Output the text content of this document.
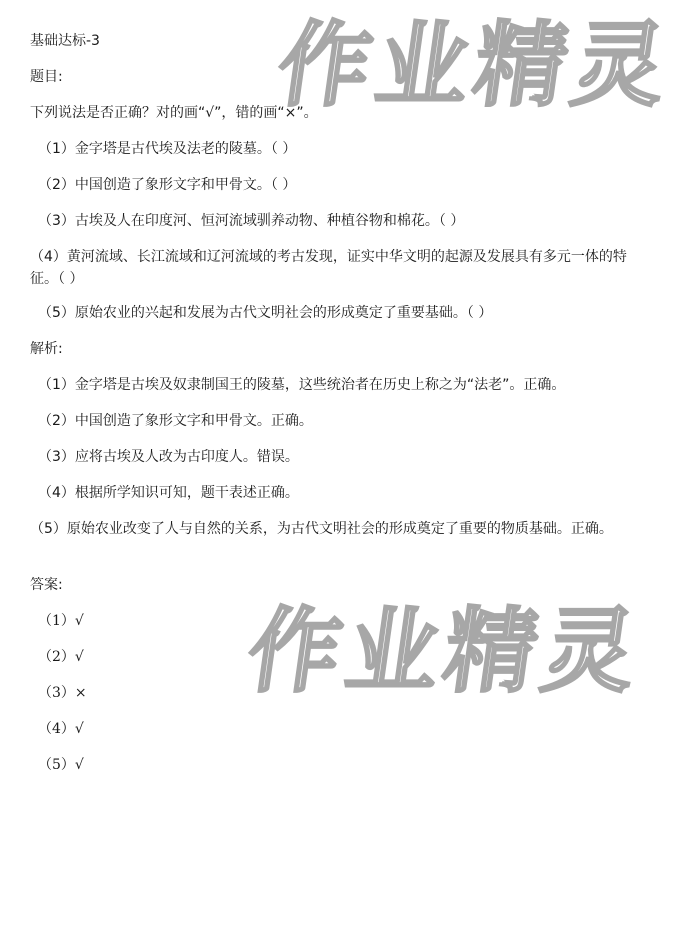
作业精灵
作业精灵
基础达标-3
题目:
下列说法是否正确？对的画“√”，错的画“×”。
（1）金字塔是古代埃及法老的陵墓。（ ）
（2）中国创造了象形文字和甲骨文。（ ）
（3）古埃及人在印度河、恒河流域驯养动物、种植谷物和棉花。（ ）
（4）黄河流域、长江流域和辽河流域的考古发现，证实中华文明的起源及发展具有多元一体的特征。（ ）
（5）原始农业的兴起和发展为古代文明社会的形成奠定了重要基础。（ ）
解析:
（1）金字塔是古埃及奴隶制国王的陵墓，这些统治者在历史上称之为“法老”。正确。
（2）中国创造了象形文字和甲骨文。正确。
（3）应将古埃及人改为古印度人。错误。
（4）根据所学知识可知，题干表述正确。
（5）原始农业改变了人与自然的关系，为古代文明社会的形成奠定了重要的物质基础。正确。
答案:
（1）√
（2）√
（3）×
（4）√
（5）√
